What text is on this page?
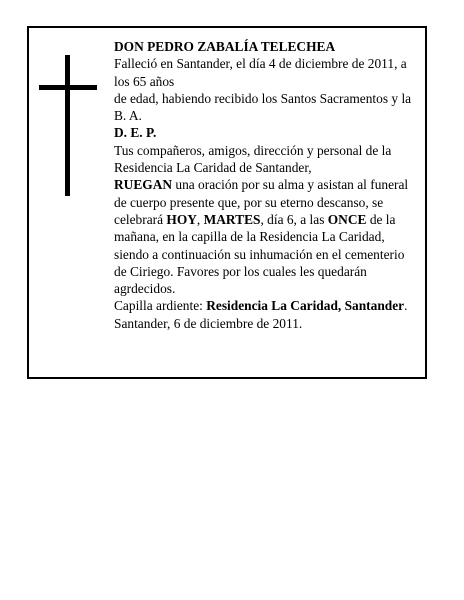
DON PEDRO ZABALÍA TELECHEA

Falleció en Santander, el día 4 de diciembre de 2011, a los 65 años

de edad, habiendo recibido los Santos Sacramentos y la B. A.

D. E. P.

Tus compañeros, amigos, dirección y personal de la Residencia La Caridad de Santander,

RUEGAN una oración por su alma y asistan al funeral de cuerpo presente que, por su eterno descanso, se celebrará HOY, MARTES, día 6, a las ONCE de la mañana, en la capilla de la Residencia La Caridad, siendo a continuación su inhumación en el cementerio de Ciriego. Favores por los cuales les quedarán agrdecidos.

Capilla ardiente: Residencia La Caridad, Santander.

Santander, 6 de diciembre de 2011.
